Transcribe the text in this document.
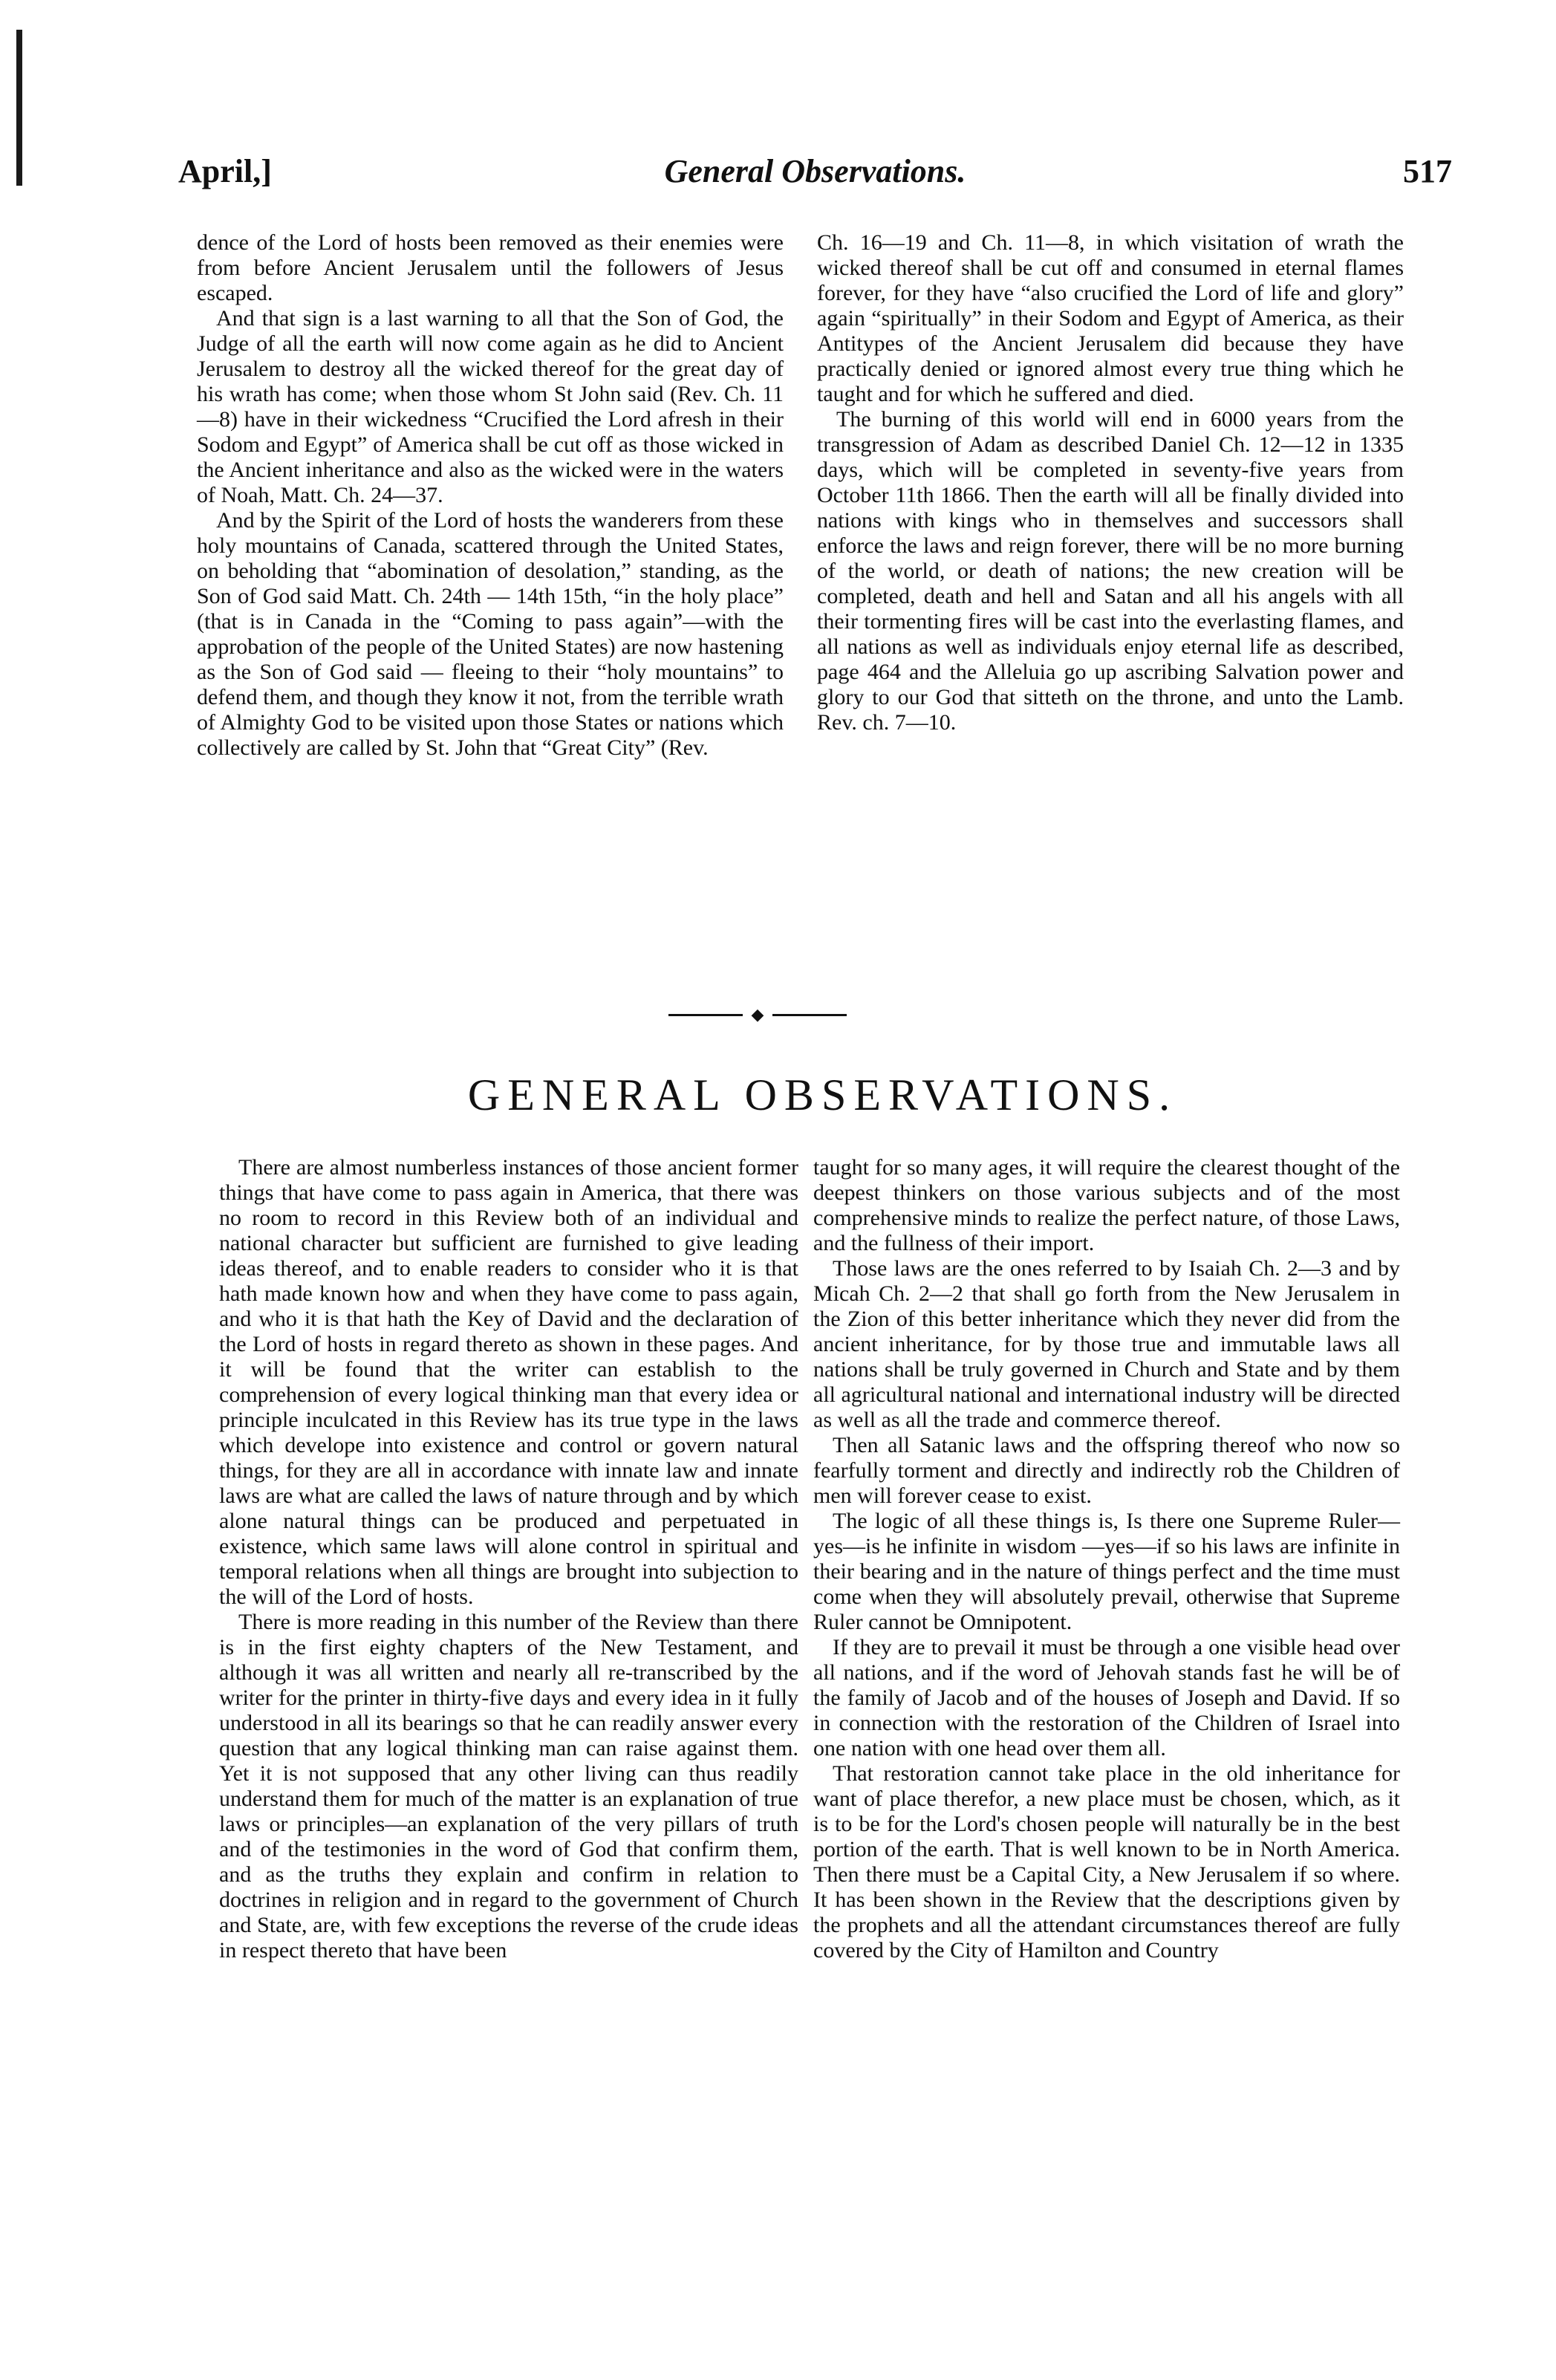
April,]	General Observations.	517

dence of the Lord of hosts been removed as their enemies were from before Ancient Jerusalem until the followers of Jesus escaped.

And that sign is a last warning to all that the Son of God, the Judge of all the earth will now come again as he did to Ancient Jerusalem to destroy all the wicked thereof for the great day of his wrath has come; when those whom St John said (Rev. Ch. 11—8) have in their wickedness “Crucified the Lord afresh in their Sodom and Egypt” of America shall be cut off as those wicked in the Ancient inheritance and also as the wicked were in the waters of Noah, Matt. Ch. 24—37.

And by the Spirit of the Lord of hosts the wanderers from these holy mountains of Canada, scattered through the United States, on beholding that “abomination of desolation,” standing, as the Son of God said Matt. Ch. 24th — 14th 15th, “in the holy place” (that is in Canada in the “Coming to pass again”—with the approbation of the people of the United States) are now hastening as the Son of God said — fleeing to their “holy mountains” to defend them, and though they know it not, from the terrible wrath of Almighty God to be visited upon those States or nations which collectively are called by St. John that “Great City” (Rev.

Ch. 16—19 and Ch. 11—8, in which visitation of wrath the wicked thereof shall be cut off and consumed in eternal flames forever, for they have “also crucified the Lord of life and glory” again “spiritually” in their Sodom and Egypt of America, as their Antitypes of the Ancient Jerusalem did because they have practically denied or ignored almost every true thing which he taught and for which he suffered and died.

The burning of this world will end in 6000 years from the transgression of Adam as described Daniel Ch. 12—12 in 1335 days, which will be completed in seventy-five years from October 11th 1866. Then the earth will all be finally divided into nations with kings who in themselves and successors shall enforce the laws and reign forever, there will be no more burning of the world, or death of nations; the new creation will be completed, death and hell and Satan and all his angels with all their tormenting fires will be cast into the everlasting flames, and all nations as well as individuals enjoy eternal life as described, page 464 and the Alleluia go up ascribing Salvation power and glory to our God that sitteth on the throne, and unto the Lamb. Rev. ch. 7—10.

◆
GENERAL OBSERVATIONS.

There are almost numberless instances of those ancient former things that have come to pass again in America, that there was no room to record in this Review both of an individual and national character but sufficient are furnished to give leading ideas thereof, and to enable readers to consider who it is that hath made known how and when they have come to pass again, and who it is that hath the Key of David and the declaration of the Lord of hosts in regard thereto as shown in these pages. And it will be found that the writer can establish to the comprehension of every logical thinking man that every idea or principle inculcated in this Review has its true type in the laws which develope into existence and control or govern natural things, for they are all in accordance with innate law and innate laws are what are called the laws of nature through and by which alone natural things can be produced and perpetuated in existence, which same laws will alone control in spiritual and temporal relations when all things are brought into subjection to the will of the Lord of hosts.

There is more reading in this number of the Review than there is in the first eighty chapters of the New Testament, and although it was all written and nearly all re-transcribed by the writer for the printer in thirty-five days and every idea in it fully understood in all its bearings so that he can readily answer every question that any logical thinking man can raise against them. Yet it is not supposed that any other living can thus readily understand them for much of the matter is an explanation of true laws or principles—an explanation of the very pillars of truth and of the testimonies in the word of God that confirm them, and as the truths they explain and confirm in relation to doctrines in religion and in regard to the government of Church and State, are, with few exceptions the reverse of the crude ideas in respect thereto that have been

taught for so many ages, it will require the clearest thought of the deepest thinkers on those various subjects and of the most comprehensive minds to realize the perfect nature, of those Laws, and the fullness of their import.

Those laws are the ones referred to by Isaiah Ch. 2—3 and by Micah Ch. 2—2 that shall go forth from the New Jerusalem in the Zion of this better inheritance which they never did from the ancient inheritance, for by those true and immutable laws all nations shall be truly governed in Church and State and by them all agricultural national and international industry will be directed as well as all the trade and commerce thereof.

Then all Satanic laws and the offspring thereof who now so fearfully torment and directly and indirectly rob the Children of men will forever cease to exist.

The logic of all these things is, Is there one Supreme Ruler—yes—is he infinite in wisdom —yes—if so his laws are infinite in their bearing and in the nature of things perfect and the time must come when they will absolutely prevail, otherwise that Supreme Ruler cannot be Omnipotent.

If they are to prevail it must be through a one visible head over all nations, and if the word of Jehovah stands fast he will be of the family of Jacob and of the houses of Joseph and David. If so in connection with the restoration of the Children of Israel into one nation with one head over them all.

That restoration cannot take place in the old inheritance for want of place therefor, a new place must be chosen, which, as it is to be for the Lord's chosen people will naturally be in the best portion of the earth. That is well known to be in North America. Then there must be a Capital City, a New Jerusalem if so where. It has been shown in the Review that the descriptions given by the prophets and all the attendant circumstances thereof are fully covered by the City of Hamilton and Country
